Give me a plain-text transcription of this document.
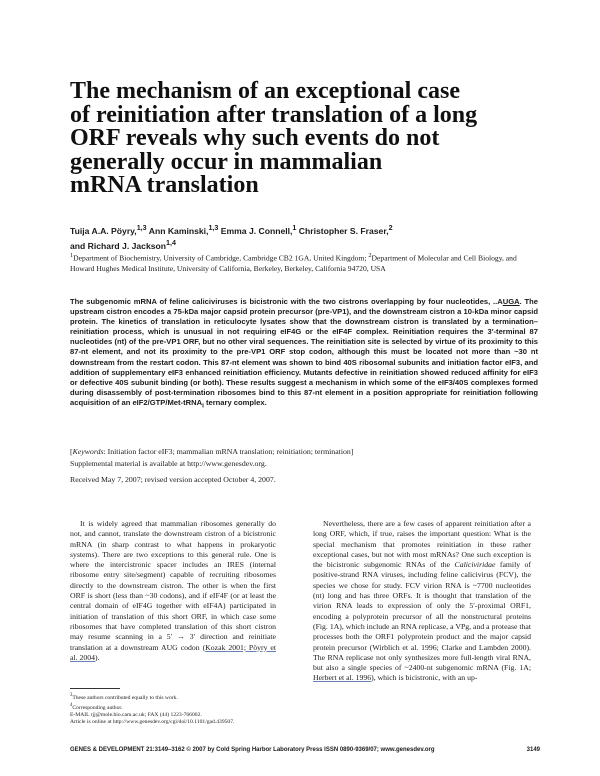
The mechanism of an exceptional case
of reinitiation after translation of a long
ORF reveals why such events do not
generally occur in mammalian
mRNA translation
Tuija A.A. Pöyry,$^{1,3}$ Ann Kaminski,$^{1,3}$ Emma J. Connell,$^1$ Christopher S. Fraser,$^2$
and Richard J. Jackson$^{1,4}$
$^1$Department of Biochemistry, University of Cambridge, Cambridge CB2 1GA, United Kingdom; $^2$Department of Molecular and Cell Biology, and Howard Hughes Medical Institute, University of California, Berkeley, Berkeley, California 94720, USA
The subgenomic mRNA of feline caliciviruses is bicistronic with the two cistrons overlapping by four nucleotides, ..AUGA. The upstream cistron encodes a 75-kDa major capsid protein precursor (pre-VP1), and the downstream cistron a 10-kDa minor capsid protein. The kinetics of translation in reticulocyte lysates show that the downstream cistron is translated by a termination–reinitiation process, which is unusual in not requiring eIF4G or the eIF4F complex. Reinitiation requires the 3′-terminal 87 nucleotides (nt) of the pre-VP1 ORF, but no other viral sequences. The reinitiation site is selected by virtue of its proximity to this 87-nt element, and not its proximity to the pre-VP1 ORF stop codon, although this must be located not more than ~30 nt downstream from the restart codon. This 87-nt element was shown to bind 40S ribosomal subunits and initiation factor eIF3, and addition of supplementary eIF3 enhanced reinitiation efficiency. Mutants defective in reinitiation showed reduced affinity for eIF3 or defective 40S subunit binding (or both). These results suggest a mechanism in which some of the eIF3/40S complexes formed during disassembly of post-termination ribosomes bind to this 87-nt element in a position appropriate for reinitiation following acquisition of an eIF2/GTP/Met-tRNA$_i$ ternary complex.
[Keywords: Initiation factor eIF3; mammalian mRNA translation; reinitiation; termination]
Supplemental material is available at http://www.genesdev.org.
Received May 7, 2007; revised version accepted October 4, 2007.

It is widely agreed that mammalian ribosomes generally do not, and cannot, translate the downstream cistron of a bicistronic mRNA (in sharp contrast to what happens in prokaryotic systems). There are two exceptions to this general rule. One is where the intercistronic spacer includes an IRES (internal ribosome entry site/segment) capable of recruiting ribosomes directly to the downstream cistron. The other is when the first ORF is short (less than ~30 codons), and if eIF4F (or at least the central domain of eIF4G together with eIF4A) participated in initiation of translation of this short ORF, in which case some ribosomes that have completed translation of this short cistron may resume scanning in a 5′ → 3′ direction and reinitiate translation at a downstream AUG codon (Kozak 2001; Pöyry et al. 2004).

Nevertheless, there are a few cases of apparent reinitiation after a long ORF, which, if true, raises the important question: What is the special mechanism that promotes reinitiation in these rather exceptional cases, but not with most mRNAs? One such exception is the bicistronic subgenomic RNAs of the Caliciviridae family of positive-strand RNA viruses, including feline calicivirus (FCV), the species we chose for study. FCV virion RNA is ~7700 nucleotides (nt) long and has three ORFs. It is thought that translation of the virion RNA leads to expression of only the 5′-proximal ORF1, encoding a polyprotein precursor of all the nonstructural proteins (Fig. 1A), which include an RNA replicase, a VPg, and a protease that processes both the ORF1 polyprotein product and the major capsid protein precursor (Wirblich et al. 1996; Clarke and Lambden 2000). The RNA replicase not only synthesizes more full-length viral RNA, but also a single species of ~2400-nt subgenomic mRNA (Fig. 1A; Herbert et al. 1996), which is bicistronic, with an up-

$^3$These authors contributed equally to this work.
$^4$Corresponding author.
E-MAIL rjj@mole.bio.cam.ac.uk; FAX (44) 1223-766002.
Article is online at http://www.genesdev.org/cgi/doi/10.1101/gad.439507.
GENES & DEVELOPMENT 21:3149–3162 © 2007 by Cold Spring Harbor Laboratory Press ISSN 0890-9369/07; www.genesdev.org	3149
